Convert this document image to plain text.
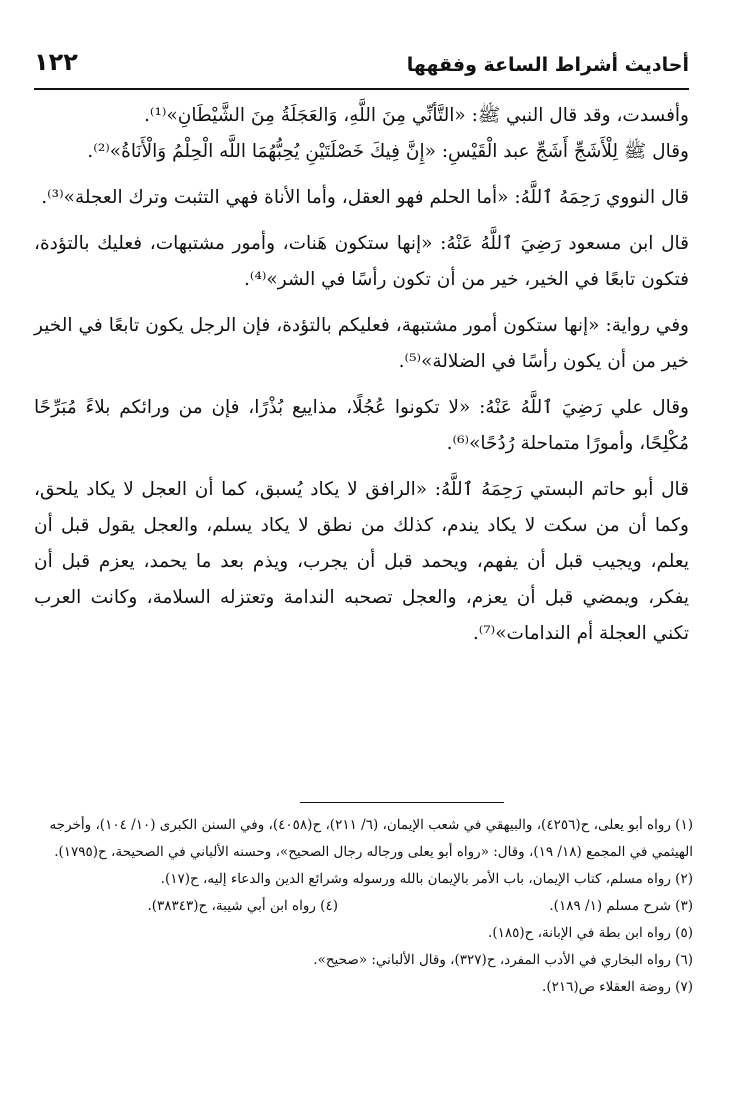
أحاديث أشراط الساعة وفقهها
١٢٢

وأفسدت، وقد قال النبي ﷺ: «التَّأنِّي مِنَ اللَّهِ، وَالعَجَلَةُ مِنَ الشَّيْطَانِ»⁽¹⁾.

وقال ﷺ لِلْأَشَجِّ أَشَجِّ عبد الْقَيْسِ: «إِنَّ فِيكَ خَصْلَتَيْنِ يُحِبُّهُمَا اللَّه الْحِلْمُ وَالْأَنَاةُ»⁽²⁾.

قال النووي رَحِمَهُ ٱللَّهُ: «أما الحلم فهو العقل، وأما الأناة فهي التثبت وترك العجلة»⁽³⁾.

قال ابن مسعود رَضِيَ ٱللَّهُ عَنْهُ: «إنها ستكون هَنات، وأمور مشتبهات، فعليك بالتؤدة، فتكون تابعًا في الخير، خير من أن تكون رأسًا في الشر»⁽⁴⁾.

وفي رواية: «إنها ستكون أمور مشتبهة، فعليكم بالتؤدة، فإن الرجل يكون تابعًا في الخير خير من أن يكون رأسًا في الضلالة»⁽⁵⁾.

وقال علي رَضِيَ ٱللَّهُ عَنْهُ: «لا تكونوا عُجُلًا، مذاييع بُذْرًا، فإن من ورائكم بلاءً مُبَرِّحًا مُكْلِحًا، وأمورًا متماحلة رُدُحًا»⁽⁶⁾.

قال أبو حاتم البستي رَحِمَهُ ٱللَّهُ: «الرافق لا يكاد يُسبق، كما أن العجل لا يكاد يلحق، وكما أن من سكت لا يكاد يندم، كذلك من نطق لا يكاد يسلم، والعجل يقول قبل أن يعلم، ويجيب قبل أن يفهم، ويحمد قبل أن يجرب، ويذم بعد ما يحمد، يعزم قبل أن يفكر، ويمضي قبل أن يعزم، والعجل تصحبه الندامة وتعتزله السلامة، وكانت العرب تكني العجلة أم الندامات»⁽⁷⁾.

(١) رواه أبو يعلى، ح(٤٢٥٦)، والبيهقي في شعب الإيمان، (٦/ ٢١١)، ح(٤٠٥٨)، وفي السنن الكبرى (١٠/ ١٠٤)، وأخرجه الهيثمي في المجمع (١٨/ ١٩)، وقال: «رواه أبو يعلى ورجاله رجال الصحيح»، وحسنه الألباني في الصحيحة، ح(١٧٩٥).

(٢) رواه مسلم، كتاب الإيمان، باب الأمر بالإيمان بالله ورسوله وشرائع الدين والدعاء إليه، ح(١٧).

(٣) شرح مسلم (١/ ١٨٩).
(٤) رواه ابن أبي شيبة، ح(٣٨٣٤٣).

(٥) رواه ابن بطة في الإبانة، ح(١٨٥).

(٦) رواه البخاري في الأدب المفرد، ح(٣٢٧)، وقال الألباني: «صحيح».

(٧) روضة العقلاء ص(٢١٦).
